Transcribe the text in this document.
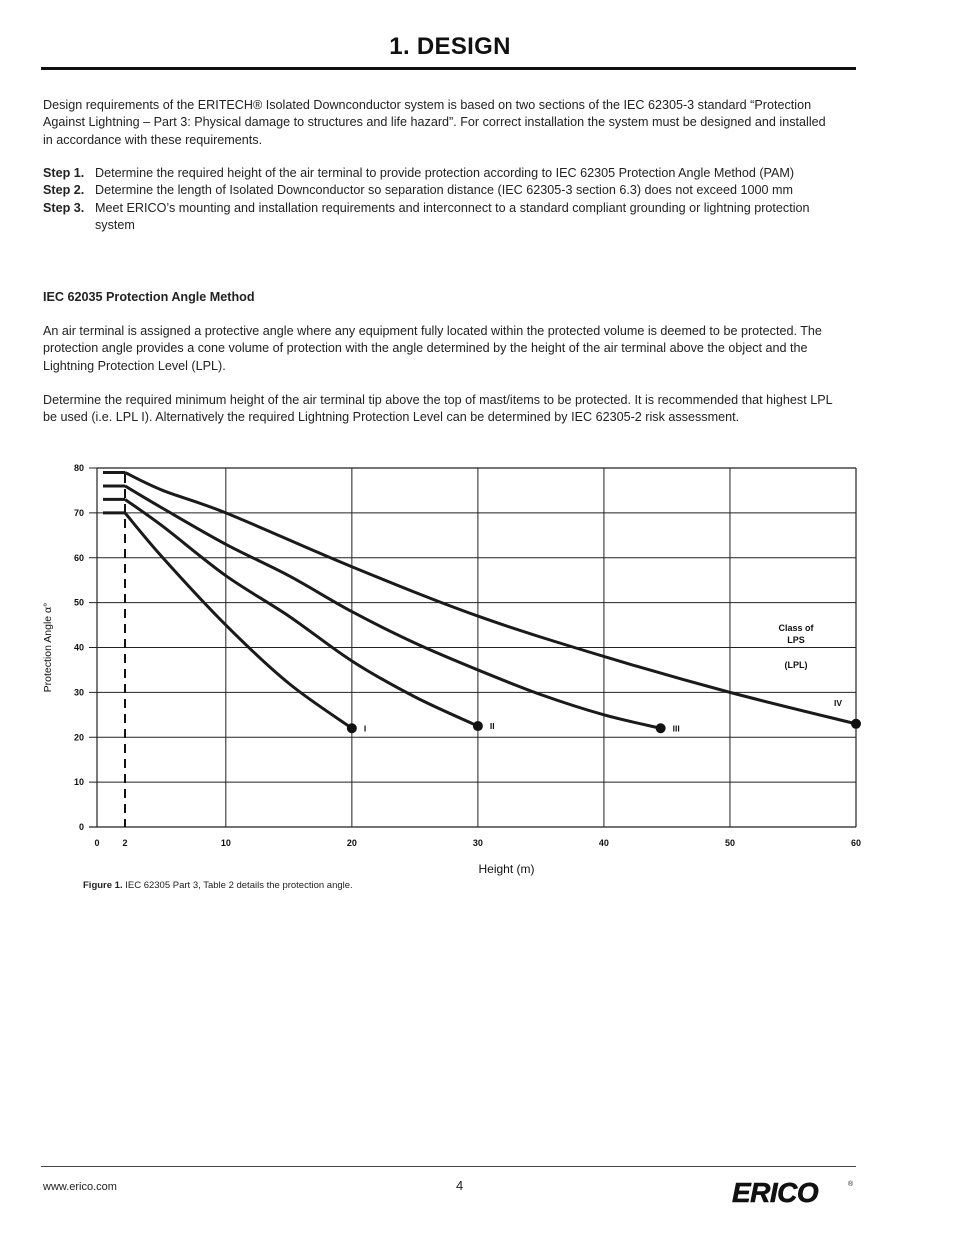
1. DESIGN

Design requirements of the ERITECH® Isolated Downconductor system is based on two sections of the IEC 62305-3 standard “Protection Against Lightning – Part 3: Physical damage to structures and life hazard”. For correct installation the system must be designed and installed in accordance with these requirements.

Step 1. Determine the required height of the air terminal to provide protection according to IEC 62305 Protection Angle Method (PAM)
Step 2. Determine the length of Isolated Downconductor so separation distance (IEC 62305-3 section 6.3) does not exceed 1000 mm
Step 3. Meet ERICO’s mounting and installation requirements and interconnect to a standard compliant grounding or lightning protection system
IEC 62035 Protection Angle Method

An air terminal is assigned a protective angle where any equipment fully located within the protected volume is deemed to be protected. The protection angle provides a cone volume of protection with the angle determined by the height of the air terminal above the object and the Lightning Protection Level (LPL).

Determine the required minimum height of the air terminal tip above the top of mast/items to be protected. It is recommended that highest LPL be used (i.e. LPL I). Alternatively the required Lightning Protection Level can be determined by IEC 62305-2 risk assessment.

0
10
20
30
40
50
60
70
80
0	2	10	20	30	40	50	60
Height (m)
Protection Angle α°
I	II	III
IV
Class of
LPS
(LPL)
Figure 1. IEC 62305 Part 3, Table 2 details the protection angle.
www.erico.com	4	ERICO	®
